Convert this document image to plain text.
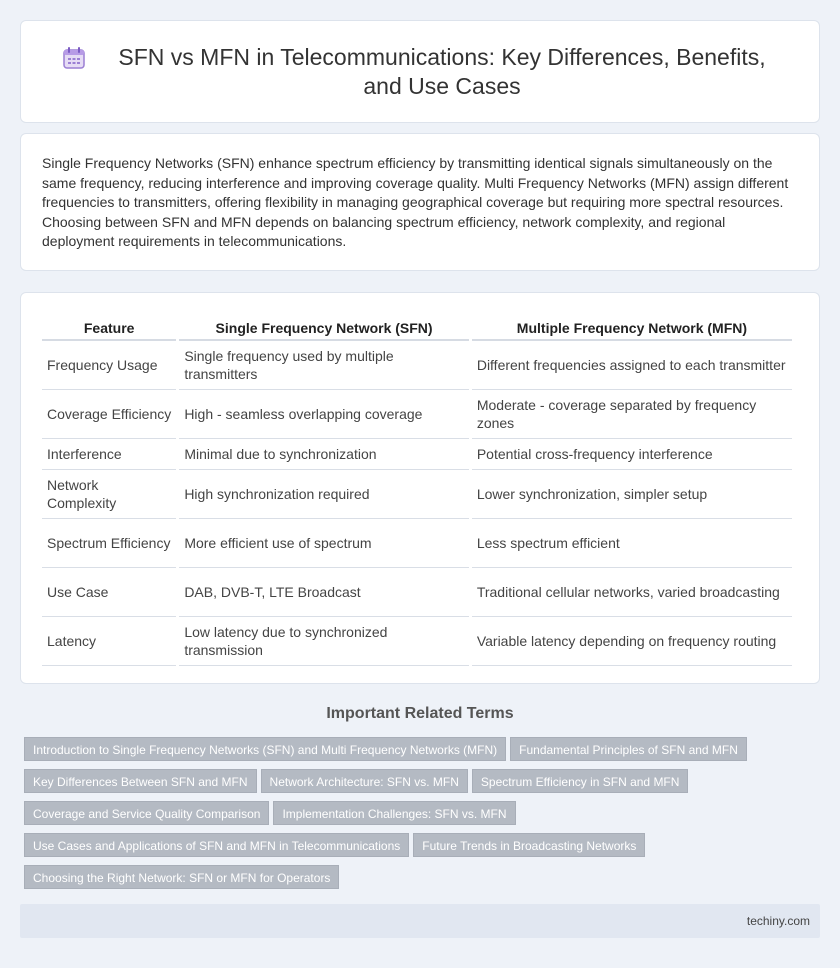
SFN vs MFN in Telecommunications: Key Differences, Benefits, and Use Cases

Single Frequency Networks (SFN) enhance spectrum efficiency by transmitting identical signals simultaneously on the same frequency, reducing interference and improving coverage quality. Multi Frequency Networks (MFN) assign different frequencies to transmitters, offering flexibility in managing geographical coverage but requiring more spectral resources. Choosing between SFN and MFN depends on balancing spectrum efficiency, network complexity, and regional deployment requirements in telecommunications.

Feature	Single Frequency Network (SFN)	Multiple Frequency Network (MFN)
Frequency Usage	Single frequency used by multiple transmitters	Different frequencies assigned to each transmitter
Coverage Efficiency	High - seamless overlapping coverage	Moderate - coverage separated by frequency zones
Interference	Minimal due to synchronization	Potential cross-frequency interference
Network Complexity	High synchronization required	Lower synchronization, simpler setup
Spectrum Efficiency	More efficient use of spectrum	Less spectrum efficient
Use Case	DAB, DVB-T, LTE Broadcast	Traditional cellular networks, varied broadcasting
Latency	Low latency due to synchronized transmission	Variable latency depending on frequency routing
Important Related Terms
Introduction to Single Frequency Networks (SFN) and Multi Frequency Networks (MFN) Fundamental Principles of SFN and MFN
Key Differences Between SFN and MFN Network Architecture: SFN vs. MFN Spectrum Efficiency in SFN and MFN
Coverage and Service Quality Comparison Implementation Challenges: SFN vs. MFN
Use Cases and Applications of SFN and MFN in Telecommunications Future Trends in Broadcasting Networks
Choosing the Right Network: SFN or MFN for Operators
techiny.com
